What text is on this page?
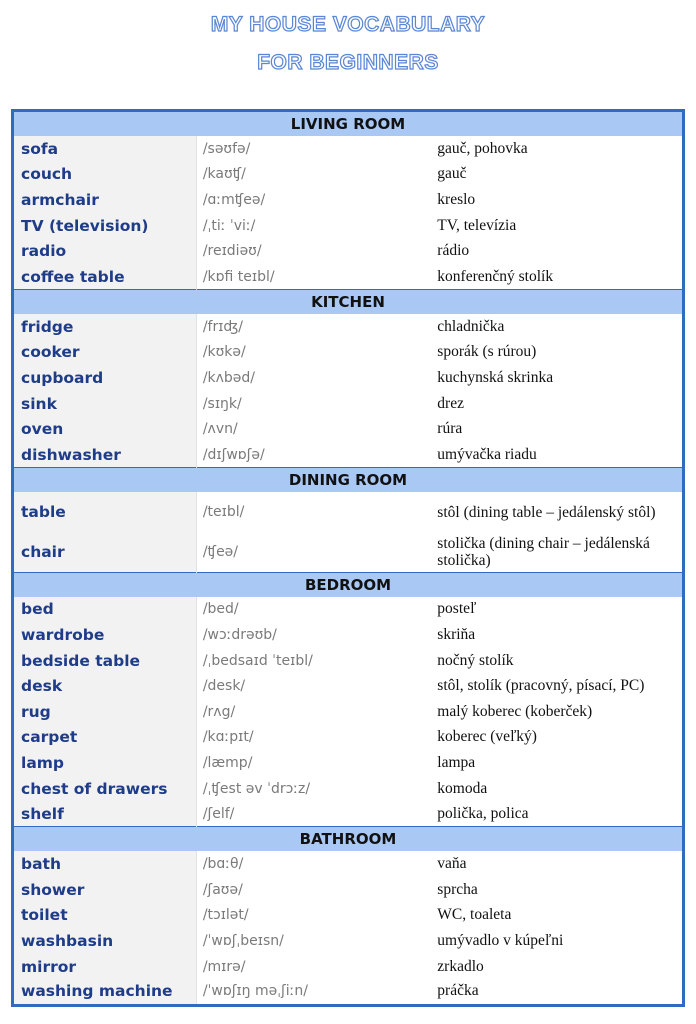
MY HOUSE VOCABULARY
FOR BEGINNERS
LIVING ROOM		
sofa	/səʊfə/	gauč, pohovka
couch	/kaʊʧ/	gauč
armchair	/ɑːmʧeə/	kreslo
TV (television)	/ˌtiː ˈviː/	TV, televízia
radio	/reɪdiəʊ/	rádio
coffee table	/kɒfi teɪbl/	konferenčný stolík
KITCHEN		
fridge	/frɪʤ/	chladnička
cooker	/kʊkə/	sporák (s rúrou)
cupboard	/kʌbəd/	kuchynská skrinka
sink	/sɪŋk/	drez
oven	/ʌvn/	rúra
dishwasher	/dɪʃwɒʃə/	umývačka riadu
DINING ROOM		
table	/teɪbl/	stôl (dining table – jedálenský stôl)
chair	/ʧeə/	stolička (dining chair – jedálenská stolička)
BEDROOM		
bed	/bed/	posteľ
wardrobe	/wɔːdrəʊb/	skriňa
bedside table	/ˌbedsaɪd ˈteɪbl/	nočný stolík
desk	/desk/	stôl, stolík (pracovný, písací, PC)
rug	/rʌg/	malý koberec (koberček)
carpet	/kɑːpɪt/	koberec (veľký)
lamp	/læmp/	lampa
chest of drawers	/ˌʧest əv ˈdrɔːz/	komoda
shelf	/ʃelf/	polička, polica
BATHROOM		
bath	/bɑːθ/	vaňa
shower	/ʃaʊə/	sprcha
toilet	/tɔɪlət/	WC, toaleta
washbasin	/ˈwɒʃˌbeɪsn/	umývadlo v kúpeľni
mirror	/mɪrə/	zrkadlo
washing machine	/ˈwɒʃɪŋ məˌʃiːn/	práčka
